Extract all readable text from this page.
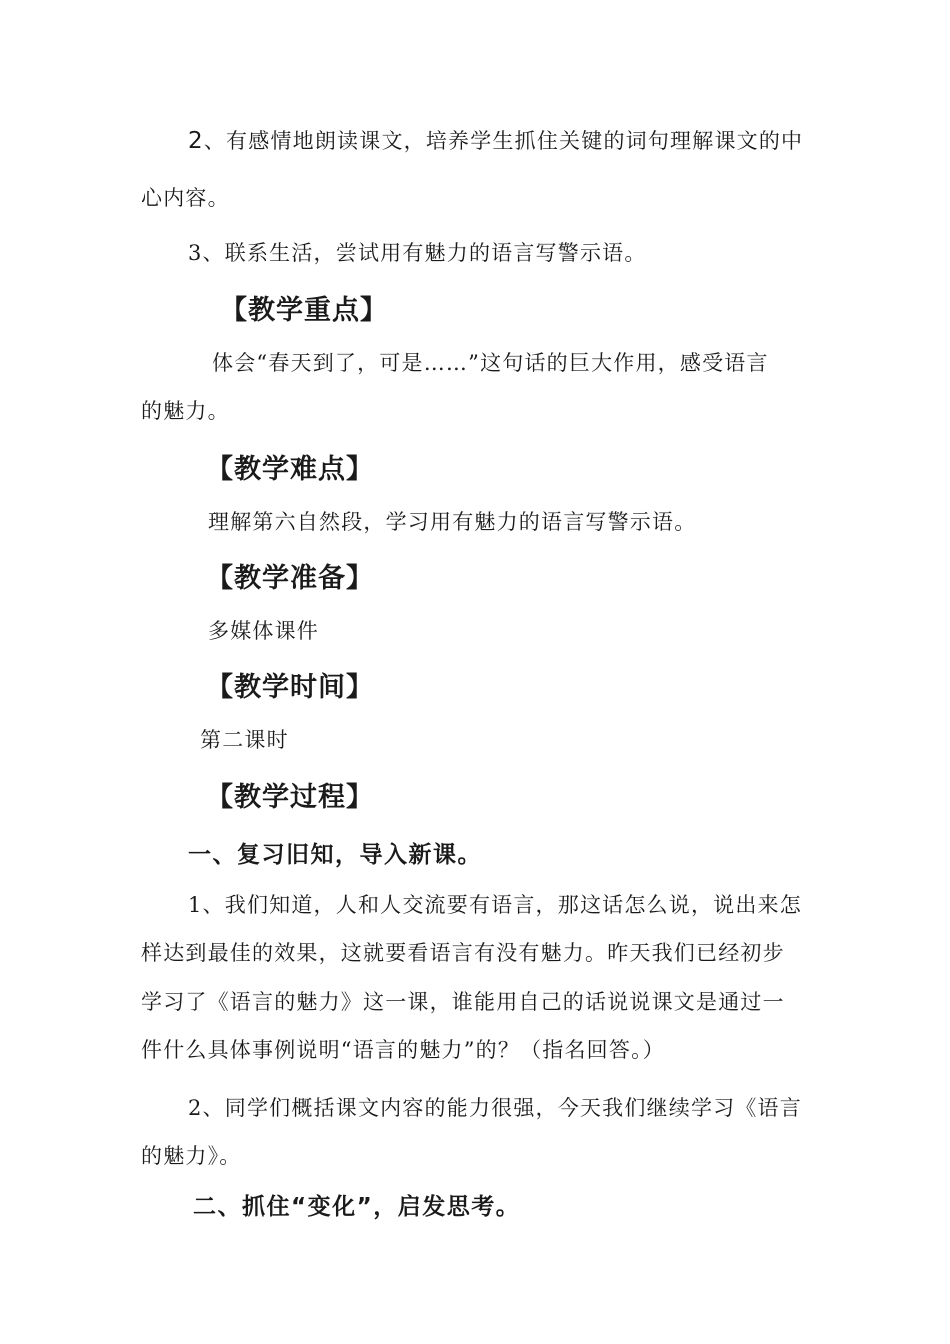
2、有感情地朗读课文，培养学生抓住关键的词句理解课文的中
心内容。
3、联系生活，尝试用有魅力的语言写警示语。
【教学重点】
体会“春天到了，可是……”这句话的巨大作用，感受语言
的魅力。
【教学难点】
理解第六自然段，学习用有魅力的语言写警示语。
【教学准备】
多媒体课件
【教学时间】
第二课时
【教学过程】
一、复习旧知，导入新课。
1、我们知道，人和人交流要有语言，那这话怎么说，说出来怎
样达到最佳的效果，这就要看语言有没有魅力。昨天我们已经初步
学习了《语言的魅力》这一课，谁能用自己的话说说课文是通过一
件什么具体事例说明“语言的魅力”的？（指名回答。）
2、同学们概括课文内容的能力很强，今天我们继续学习《语言
的魅力》。
二、抓住“变化”，启发思考。
